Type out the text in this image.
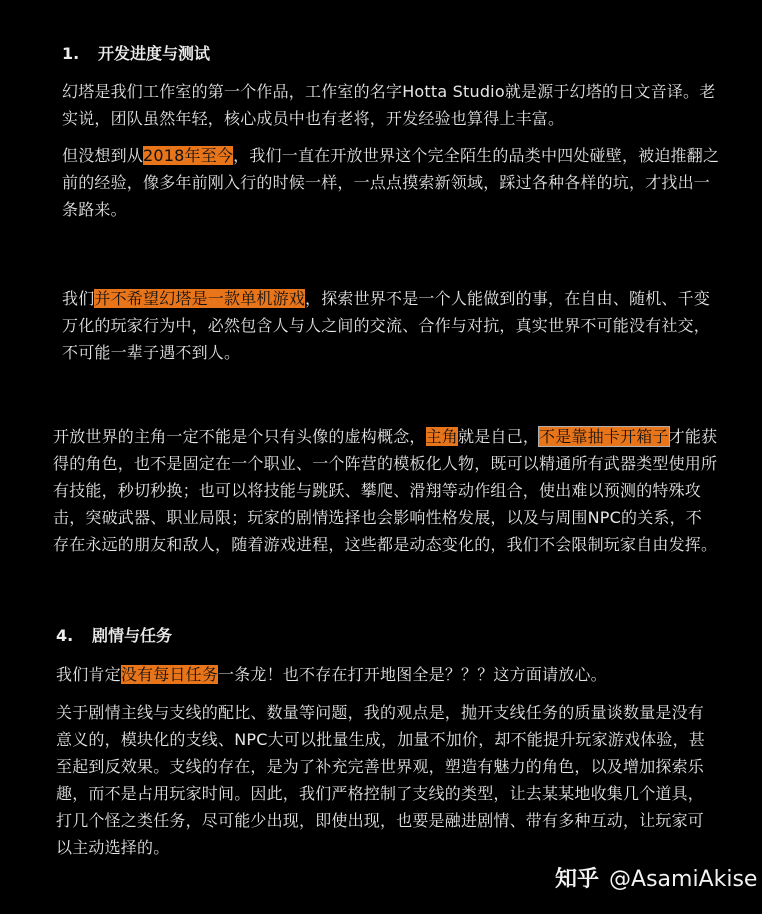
1. 开发进度与测试

幻塔是我们工作室的第一个作品，工作室的名字Hotta Studio就是源于幻塔的日文音译。老实说，团队虽然年轻，核心成员中也有老将，开发经验也算得上丰富。

但没想到从2018年至今，我们一直在开放世界这个完全陌生的品类中四处碰壁，被迫推翻之前的经验，像多年前刚入行的时候一样，一点点摸索新领域，踩过各种各样的坑，才找出一条路来。

我们并不希望幻塔是一款单机游戏，探索世界不是一个人能做到的事，在自由、随机、千变万化的玩家行为中，必然包含人与人之间的交流、合作与对抗，真实世界不可能没有社交，不可能一辈子遇不到人。

开放世界的主角一定不能是个只有头像的虚构概念，主角就是自己，不是靠抽卡开箱子才能获得的角色，也不是固定在一个职业、一个阵营的模板化人物，既可以精通所有武器类型使用所有技能，秒切秒换；也可以将技能与跳跃、攀爬、滑翔等动作组合，使出难以预测的特殊攻击，突破武器、职业局限；玩家的剧情选择也会影响性格发展，以及与周围NPC的关系，不存在永远的朋友和敌人，随着游戏进程，这些都是动态变化的，我们不会限制玩家自由发挥。

4. 剧情与任务

我们肯定没有每日任务一条龙！也不存在打开地图全是？？？这方面请放心。

关于剧情主线与支线的配比、数量等问题，我的观点是，抛开支线任务的质量谈数量是没有意义的，模块化的支线、NPC大可以批量生成，加量不加价，却不能提升玩家游戏体验，甚至起到反效果。支线的存在，是为了补充完善世界观，塑造有魅力的角色，以及增加探索乐趣，而不是占用玩家时间。因此，我们严格控制了支线的类型，让去某某地收集几个道具，打几个怪之类任务，尽可能少出现，即使出现，也要是融进剧情、带有多种互动，让玩家可以主动选择的。

知乎 @AsamiAkise
